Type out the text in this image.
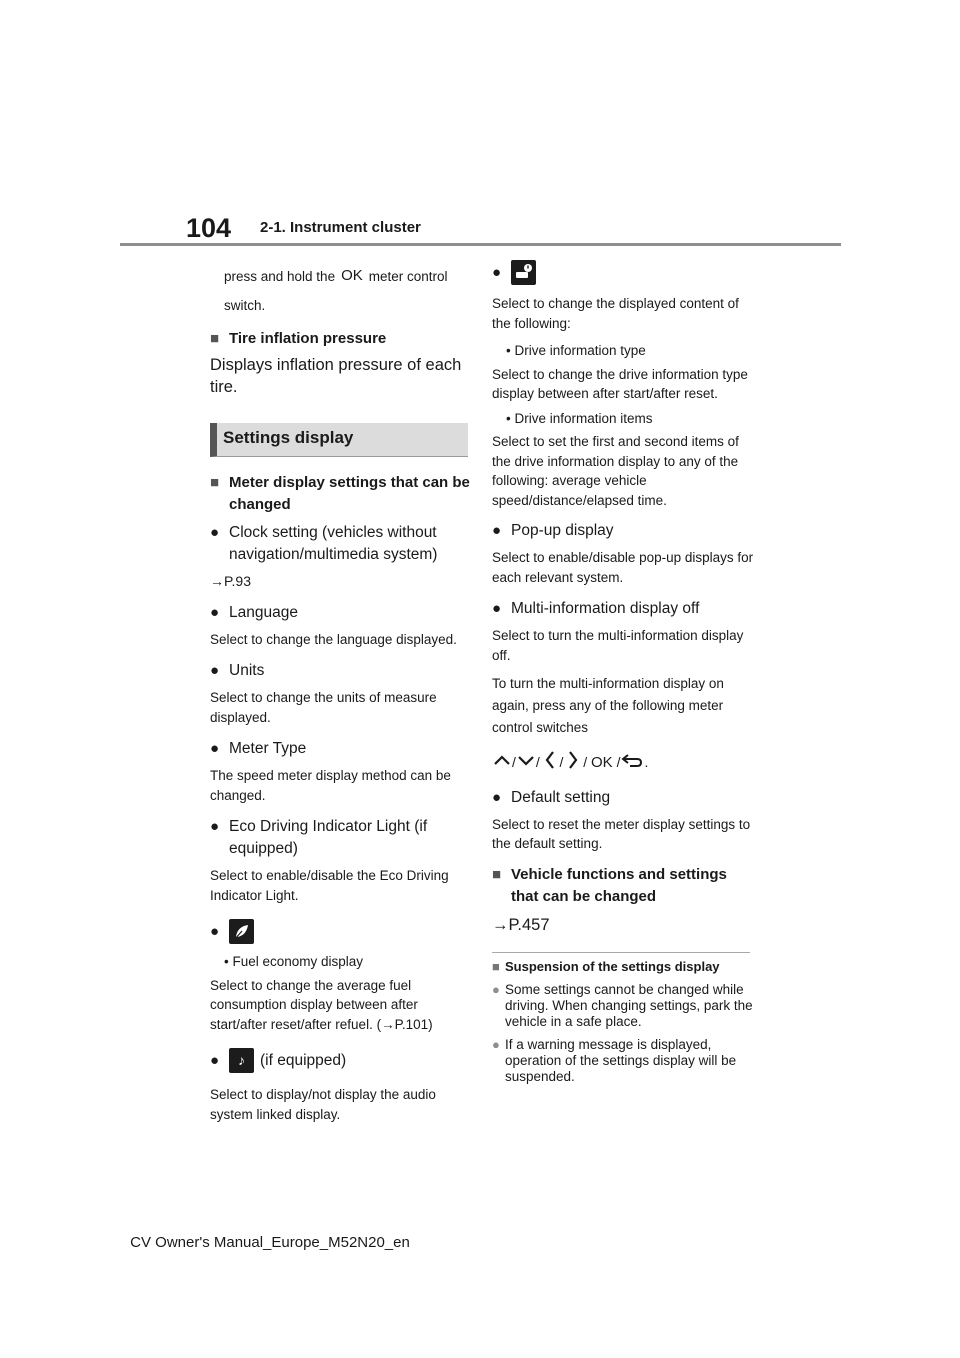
104 2-1. Instrument cluster

press and hold the OK meter control

switch.

■ Tire inflation pressure

Displays inflation pressure of each tire.

Settings display

■ Meter display settings that can be changed

● Clock setting (vehicles without navigation/multimedia system)

→P.93

● Language

Select to change the language displayed.

● Units

Select to change the units of measure displayed.

● Meter Type

The speed meter display method can be changed.

● Eco Driving Indicator Light (if equipped)

Select to enable/disable the Eco Driving Indicator Light.

●

• Fuel economy display

Select to change the average fuel consumption display between after start/after reset/after refuel. (→P.101)

●	♪ (if equipped)

Select to display/not display the audio system linked display.

●

Select to change the displayed content of the following:

• Drive information type

Select to change the drive information type display between after start/after reset.

• Drive information items

Select to set the first and second items of the drive information display to any of the following: average vehicle speed/distance/elapsed time.

● Pop-up display

Select to enable/disable pop-up displays for each relevant system.

● Multi-information display off

Select to turn the multi-information display off.

To turn the multi-information display on again, press any of the following meter control switches

/ / / / OK / .

● Default setting

Select to reset the meter display settings to the default setting.

■ Vehicle functions and settings that can be changed

→P.457

■ Suspension of the settings display

● Some settings cannot be changed while driving. When changing settings, park the vehicle in a safe place.

● If a warning message is displayed, operation of the settings display will be suspended.

CV Owner's Manual_Europe_M52N20_en
